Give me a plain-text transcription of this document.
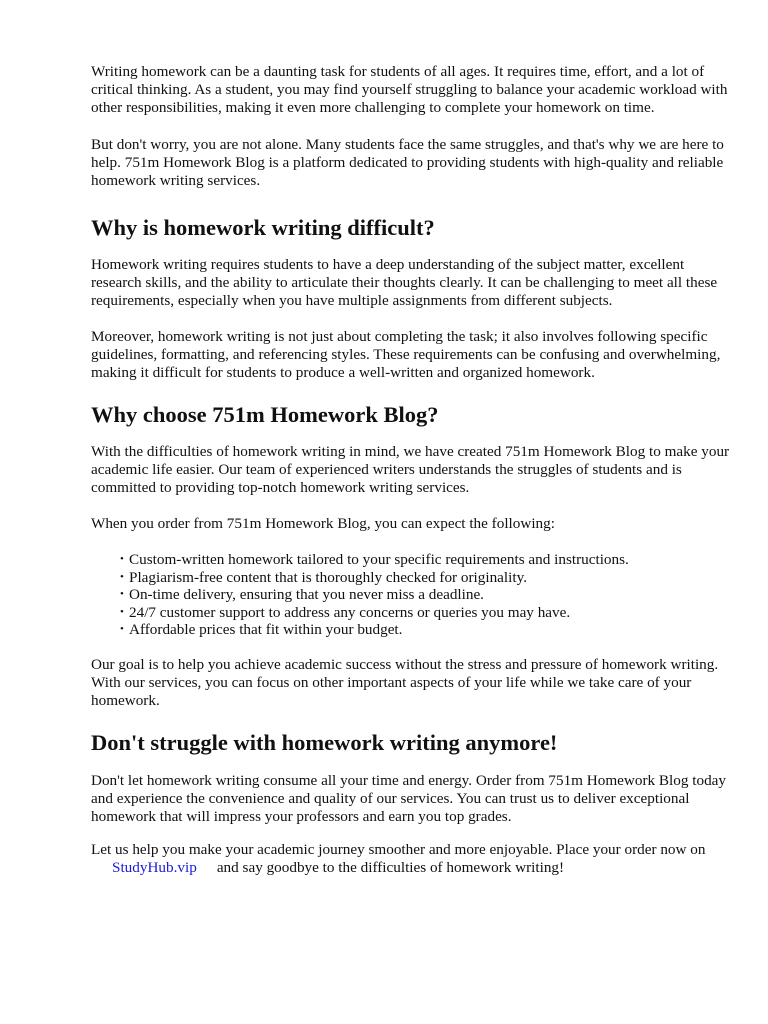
Writing homework can be a daunting task for students of all ages. It requires time, effort, and a lot of critical thinking. As a student, you may find yourself struggling to balance your academic workload with other responsibilities, making it even more challenging to complete your homework on time.

But don't worry, you are not alone. Many students face the same struggles, and that's why we are here to help. 751m Homework Blog is a platform dedicated to providing students with high-quality and reliable homework writing services.

Why is homework writing difficult?

Homework writing requires students to have a deep understanding of the subject matter, excellent research skills, and the ability to articulate their thoughts clearly. It can be challenging to meet all these requirements, especially when you have multiple assignments from different subjects.

Moreover, homework writing is not just about completing the task; it also involves following specific guidelines, formatting, and referencing styles. These requirements can be confusing and overwhelming, making it difficult for students to produce a well-written and organized homework.

Why choose 751m Homework Blog?

With the difficulties of homework writing in mind, we have created 751m Homework Blog to make your academic life easier. Our team of experienced writers understands the struggles of students and is committed to providing top-notch homework writing services.

When you order from 751m Homework Blog, you can expect the following:

• Custom-written homework tailored to your specific requirements and instructions.
• Plagiarism-free content that is thoroughly checked for originality.
• On-time delivery, ensuring that you never miss a deadline.
• 24/7 customer support to address any concerns or queries you may have.
• Affordable prices that fit within your budget.

Our goal is to help you achieve academic success without the stress and pressure of homework writing. With our services, you can focus on other important aspects of your life while we take care of your homework.

Don't struggle with homework writing anymore!

Don't let homework writing consume all your time and energy. Order from 751m Homework Blog today and experience the convenience and quality of our services. You can trust us to deliver exceptional homework that will impress your professors and earn you top grades.

Let us help you make your academic journey smoother and more enjoyable. Place your order now on
StudyHub.vip and say goodbye to the difficulties of homework writing!
